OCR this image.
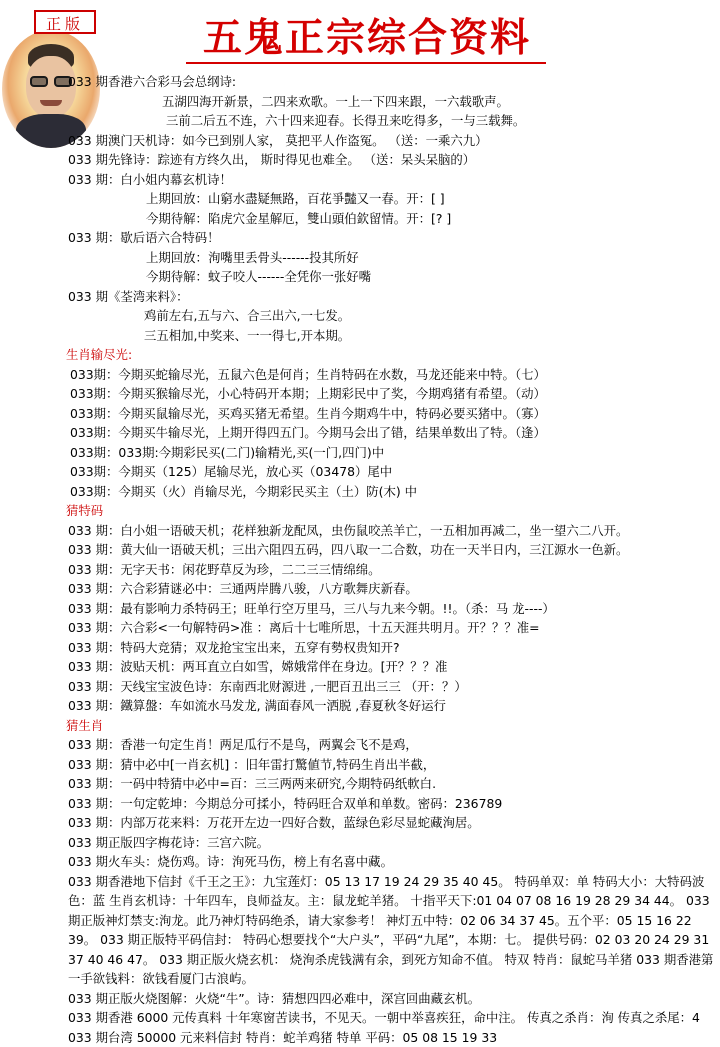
正版	五鬼正宗综合资料
033 期香港六合彩马会总纲诗:
五湖四海开新景，二四来欢歌。一上一下四来跟，一六载歌声。
三前二后五不连，六十四来迎春。长得丑来吃得多，一与三载舞。
033 期澳门天机诗：如今已到别人家， 莫把平人作盗冤。 （送：一乘六九）
033 期先锋诗：踪迹有方终久出， 斯时得见也难全。 （送：呆头呆脑的）
033 期：白小姐内幕玄机诗！
上期回放：山窮水盡疑無路，百花爭豔又一春。开：[ ]
今期待解：陷虎穴金星解厄，雙山頭伯欽留情。开：[? ]
033 期：歇后语六合特码！
上期回放：洵嘴里丢骨头------投其所好
今期待解：蚊子咬人------全凭你一张好嘴
033 期《荃湾来料》：
鸡前左右,五与六、合三出六,一七发。
三五相加,中奖来、一一得七,开本期。
生肖输尽光:
033期：今期买蛇输尽光，五鼠六色是何肖；生肖特码在水数，马龙还能来中特。（七）
033期：今期买猴输尽光，小心特码开本期；上期彩民中了奖，今期鸡猪有希望。（动）
033期：今期买鼠输尽光，买鸡买猪无希望。生肖今期鸡牛中，特码必要买猪中。（寡）
033期：今期买牛输尽光，上期开得四五门。今期马会出了错，结果单数出了特。（逢）
033期：033期:今期彩民买(二门)输精光,买(一门,四门)中
033期：今期买（125）尾输尽光，放心买（03478）尾中
033期：今期买（火）肖输尽光，今期彩民买主（土）防(木) 中
猜特码
033 期：白小姐一语破天机；花样独新龙配凤，虫伤鼠咬羔羊亡，一五相加再减二，坐一望六二八开。
033 期：黄大仙一语破天机；三出六阻四五码，四八取一二合数，功在一天半日内，三江源水一色新。
033 期：无字天书：闲花野草反为珍，二二三三情绵绵。
033 期：六合彩猜谜必中：三通两岸腾八骏，八方歌舞庆新春。
033 期：最有影响力杀特码王；旺单行空万里马，三八与九来今朝。!!。（杀：马 龙----）
033 期：六合彩<一句解特码>准 ：离后十七唯所思，十五天涯共明月。开？？？准=
033 期：特码大竞猜；双龙抢宝宝出来，五穿有勢权贵知开?
033 期：波贴天机：两耳直立白如雪，嫦娥常伴在身边。[开？？？准
033 期：天线宝宝波色诗：东南西北财源进 ,一肥百丑出三三 （开：？）
033 期：鐵算盤：车如流水马发龙, 满面春风一洒脱 ,春夏秋冬好运行
猜生肖
033 期：香港一句定生肖！两足瓜行不是鸟，两翼会飞不是鸡，
033 期：猜中必中[一肖玄机] ：旧年雷打驚値节,特码生肖出半截，
033 期：一码中特猜中必中=百：三三两两来研究,今期特码纸軟白.
033 期：一句定乾坤：今期总分可揉小，特码旺合双单和单数。密码：236789
033 期：内部万花来料：万花开左边一四好合数，蓝绿色彩尽显蛇藏洵居。
033 期正版四字梅花诗：三宫六院。
033 期火车头：烧伤鸡。诗：洵死马伤，榜上有名喜中藏。
033 期香港地下信封《千王之王》：九宝莲灯：05 13 17 19 24 29 35 40 45。 特码单双：单 特码大小：大特码波色：蓝 生肖玄机诗：十年四车，良师益友。主：鼠龙蛇羊猪。 十指平天下:01 04 07 08 16 19 28 29 34 44。 033 期正版神灯禁支:洵龙。此乃神灯特码绝杀，请大家参考！ 神灯五中特：02 06 34 37 45。五个平：05 15 16 22 39。 033 期正版特平码信封： 特码心想要找个“大户头”，平码“九尾”，本期：七。 提供号码：02 03 20 24 29 31 37 40 46 47。 033 期正版火烧玄机： 烧洵杀虎钱满有余，到死方知命不值。 特双 特肖：鼠蛇马羊猪 033 期香港第一手欲钱料：欲钱看厦门古浪屿。
033 期正版火烧图解：火烧“牛”。诗：猜想四四必难中，深宫回曲藏玄机。
033 期香港 6000 元传真料 十年寒窗苦读书，不见天。一朝中举喜疾狂，命中注。 传真之杀肖：洵 传真之杀尾：4
033 期台湾 50000 元来料信封 特肖：蛇羊鸡猪 特单 平码：05 08 15 19 33
